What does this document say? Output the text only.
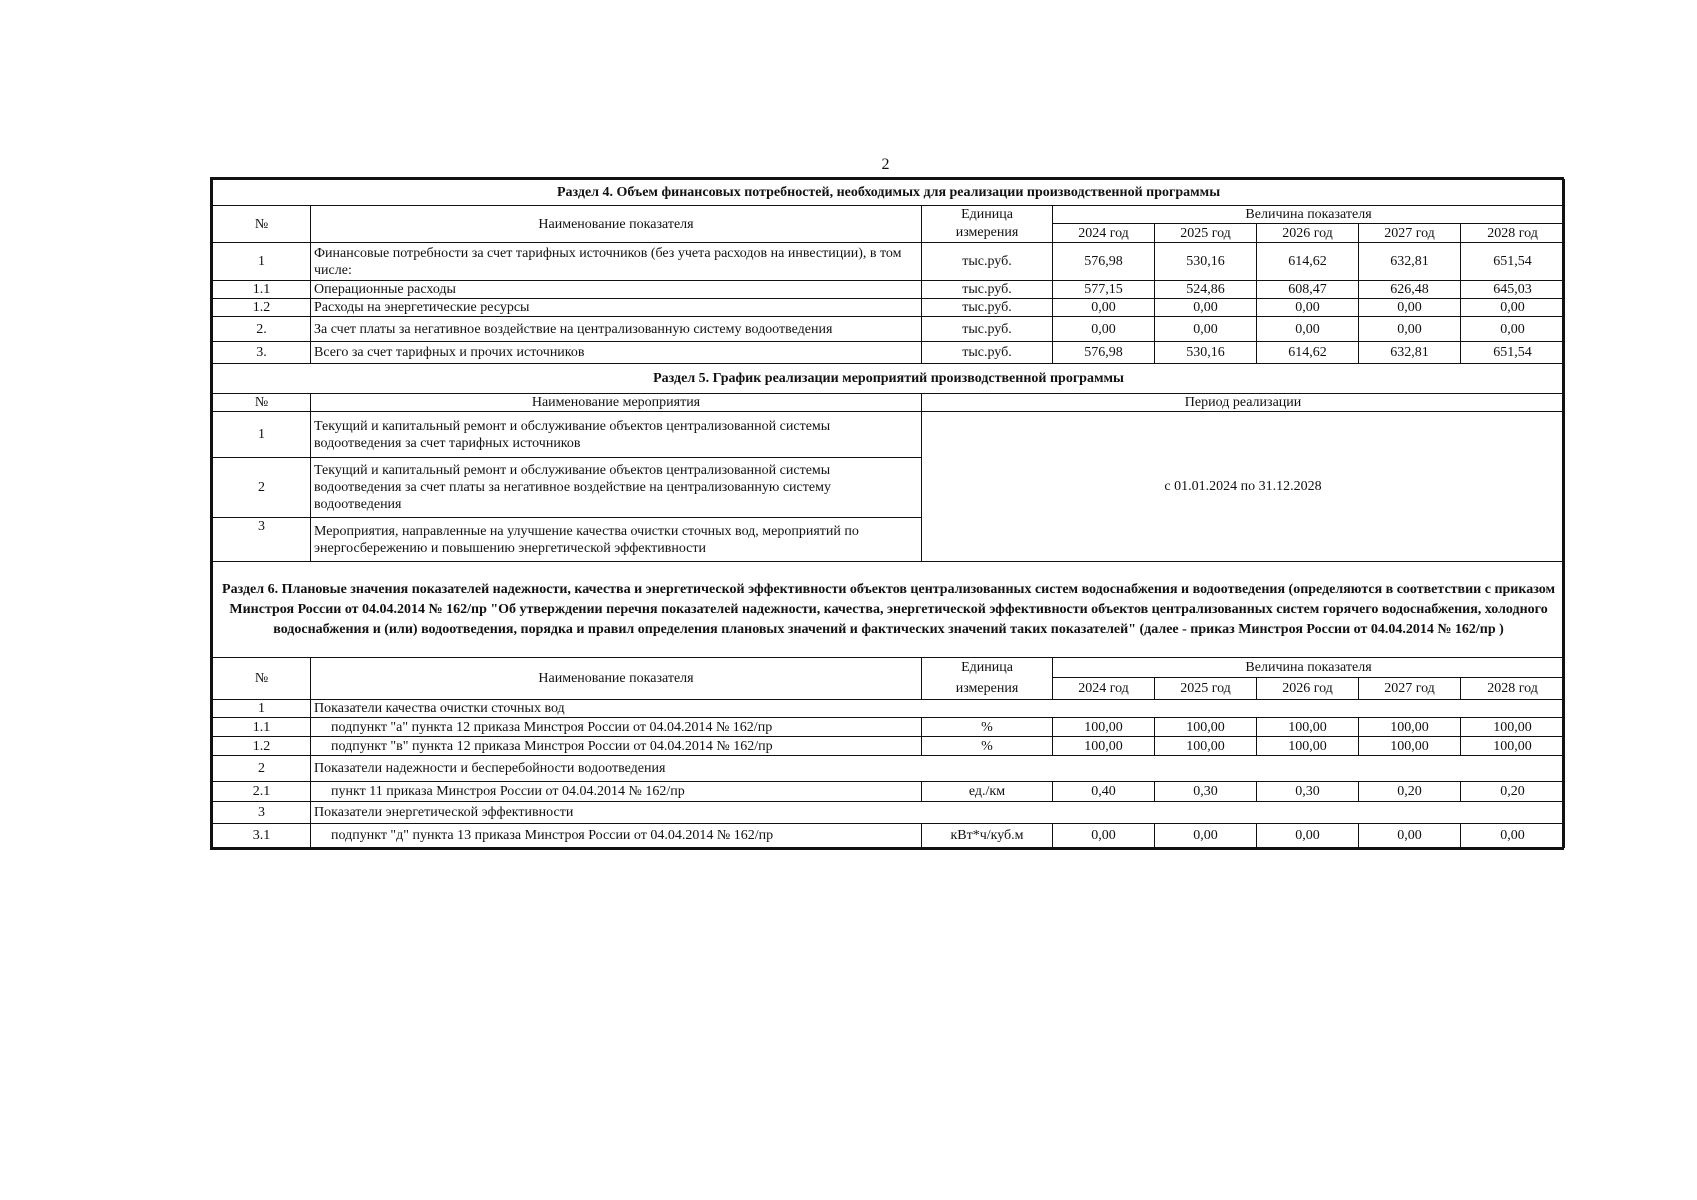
2
Раздел 4. Объем финансовых потребностей, необходимых для реализации производственной программы							
№	Наименование показателя	Единица	Величина показателя				
		измерения	2024 год	2025 год	2026 год	2027 год	2028 год
1	Финансовые потребности за счет тарифных источников (без учета расходов на инвестиции), в том числе:	тыс.руб.	576,98	530,16	614,62	632,81	651,54
1.1	Операционные расходы	тыс.руб.	577,15	524,86	608,47	626,48	645,03
1.2	Расходы на энергетические ресурсы	тыс.руб.	0,00	0,00	0,00	0,00	0,00
2.	За счет платы за негативное воздействие на централизованную систему водоотведения	тыс.руб.	0,00	0,00	0,00	0,00	0,00
3.	Всего за счет тарифных и прочих источников	тыс.руб.	576,98	530,16	614,62	632,81	651,54
Раздел 5. График реализации мероприятий производственной программы							
№	Наименование мероприятия	Период реализации					
1	Текущий и капитальный ремонт и обслуживание объектов централизованной системы водоотведения за счет тарифных источников	с 01.01.2024 по 31.12.2028					
2	Текущий и капитальный ремонт и обслуживание объектов централизованной системы водоотведения за счет платы за негативное воздействие на централизованную систему водоотведения						
3	Мероприятия, направленные на улучшение качества очистки сточных вод, мероприятий по энергосбережению и повышению энергетической эффективности						
Раздел 6. Плановые значения показателей надежности, качества и энергетической эффективности объектов централизованных систем водоснабжения и водоотведения (определяются в соответствии с приказом Минстроя России от 04.04.2014 № 162/пр "Об утверждении перечня показателей надежности, качества, энергетической эффективности объектов централизованных систем горячего водоснабжения, холодного водоснабжения и (или) водоотведения, порядка и правил определения плановых значений и фактических значений таких показателей" (далее - приказ Минстроя России от 04.04.2014 № 162/пр )							
№	Наименование показателя	Единица	Величина показателя				
		измерения	2024 год	2025 год	2026 год	2027 год	2028 год
1	Показатели качества очистки сточных вод						
1.1	подпункт "а" пункта 12 приказа Минстроя России от 04.04.2014 № 162/пр	%	100,00	100,00	100,00	100,00	100,00
1.2	подпункт "в" пункта 12 приказа Минстроя России от 04.04.2014 № 162/пр	%	100,00	100,00	100,00	100,00	100,00
2	Показатели надежности и бесперебойности водоотведения						
2.1	пункт 11 приказа Минстроя России от 04.04.2014 № 162/пр	ед./км	0,40	0,30	0,30	0,20	0,20
3	Показатели энергетической эффективности						
3.1	подпункт "д" пункта 13 приказа Минстроя России от 04.04.2014 № 162/пр	кВт*ч/куб.м	0,00	0,00	0,00	0,00	0,00
